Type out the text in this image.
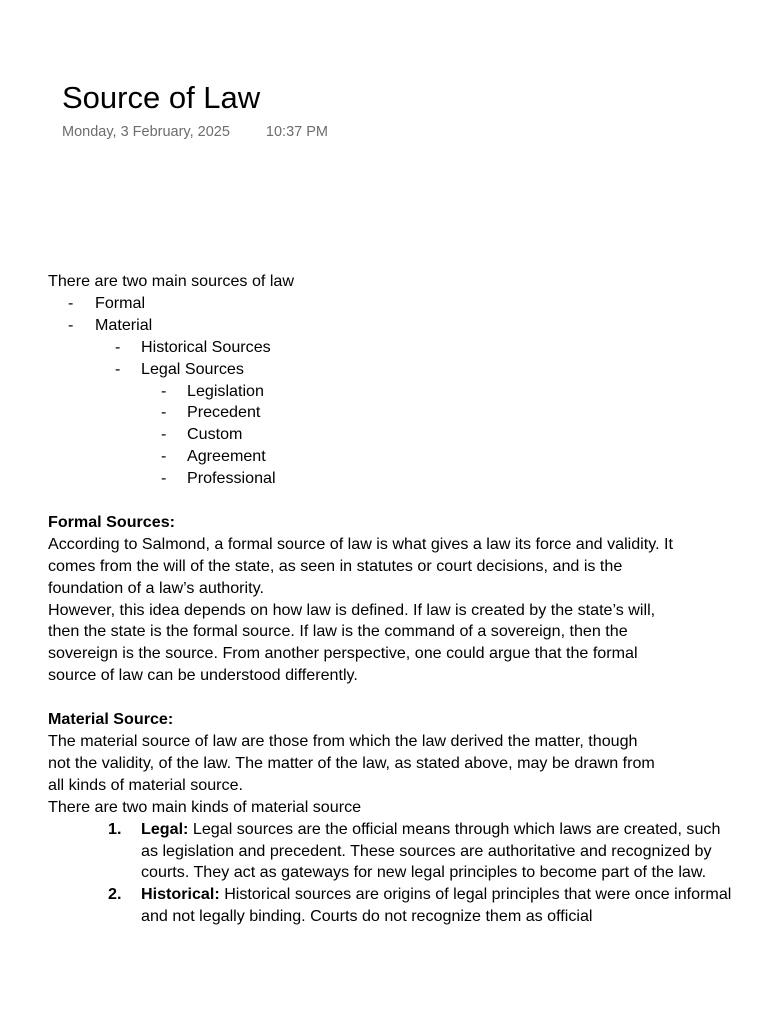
Source of Law
Monday, 3 February, 2025 10:37 PM

There are two main sources of law

- Formal
- Material
- Historical Sources
- Legal Sources
- Legislation
- Precedent
- Custom
- Agreement
- Professional

Formal Sources:

According to Salmond, a formal source of law is what gives a law its force and validity. It

comes from the will of the state, as seen in statutes or court decisions, and is the

foundation of a law’s authority.

However, this idea depends on how law is defined. If law is created by the state’s will,

then the state is the formal source. If law is the command of a sovereign, then the

sovereign is the source. From another perspective, one could argue that the formal

source of law can be understood differently.

Material Source:

The material source of law are those from which the law derived the matter, though

not the validity, of the law. The matter of the law, as stated above, may be drawn from

all kinds of material source.

There are two main kinds of material source

1. Legal: Legal sources are the official means through which laws are created, such as legislation and precedent. These sources are authoritative and recognized by courts. They act as gateways for new legal principles to become part of the law.
2. Historical: Historical sources are origins of legal principles that were once informal and not legally binding. Courts do not recognize them as official
